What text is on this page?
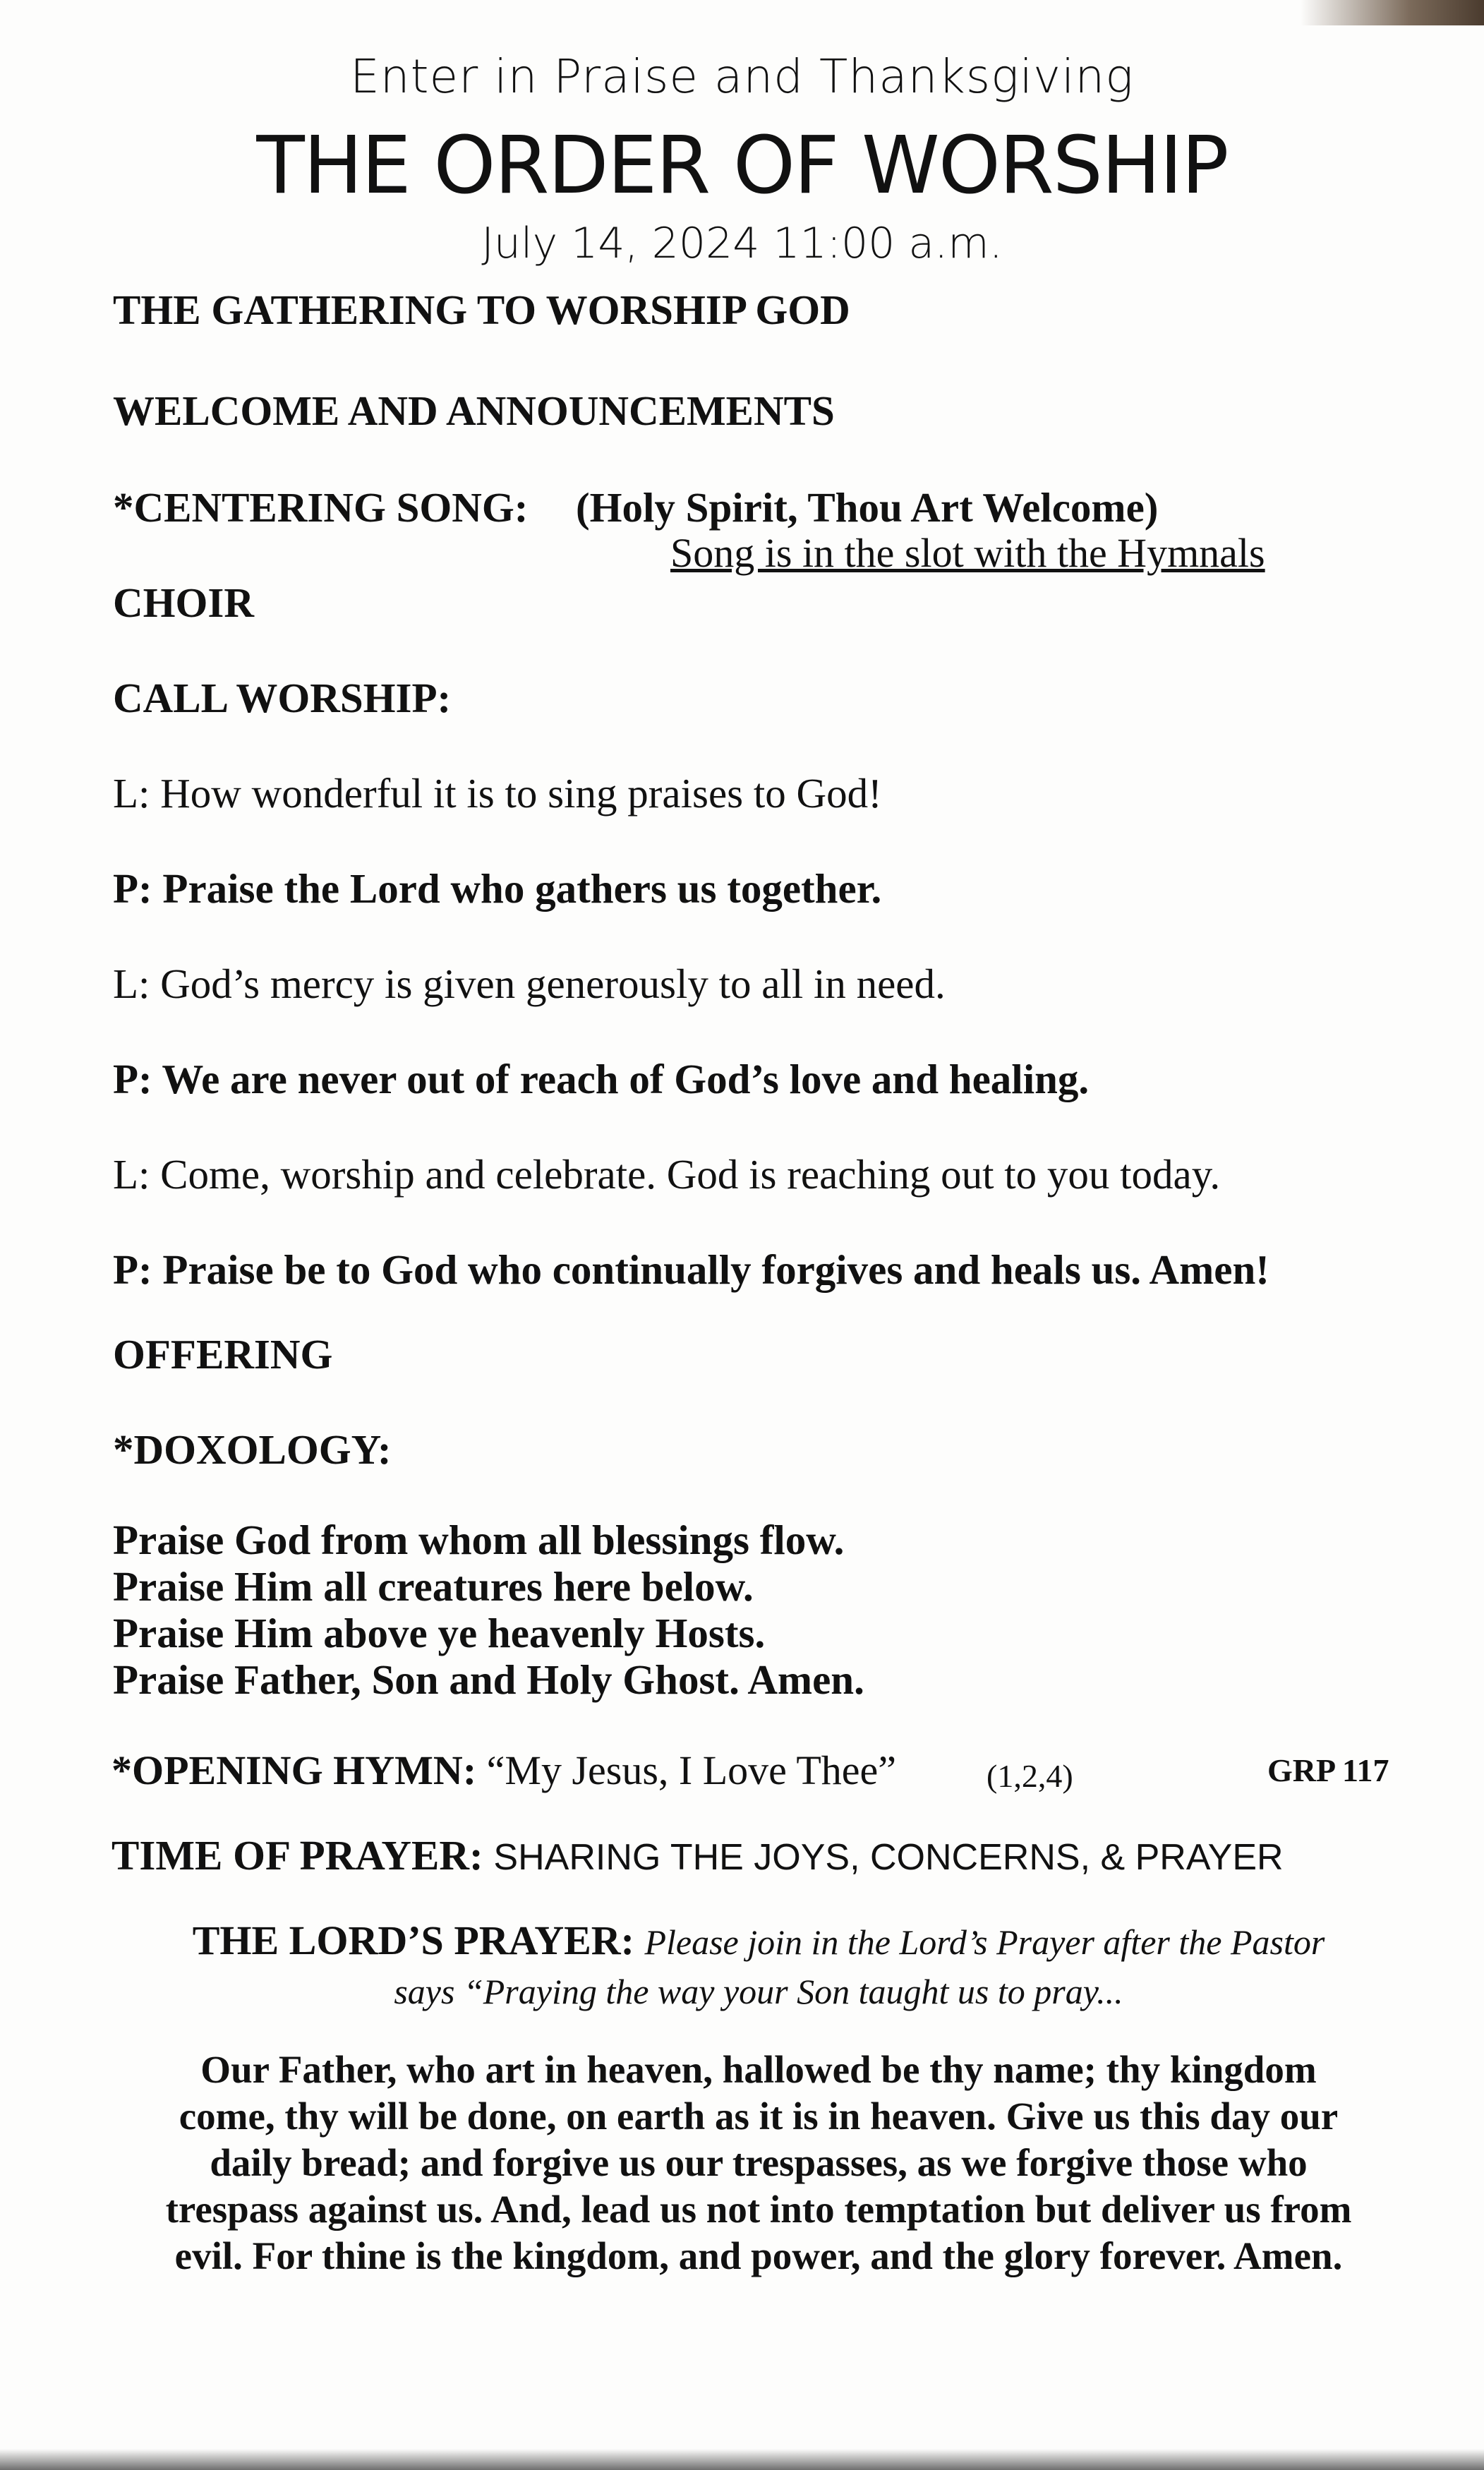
Enter in Praise and Thanksgiving
THE ORDER OF WORSHIP
July 14, 2024 11:00 a.m.
THE GATHERING TO WORSHIP GOD
WELCOME AND ANNOUNCEMENTS
*CENTERING SONG: (Holy Spirit, Thou Art Welcome)
Song is in the slot with the Hymnals
CHOIR
CALL WORSHIP:
L: How wonderful it is to sing praises to God!
P: Praise the Lord who gathers us together.
L: God’s mercy is given generously to all in need.
P: We are never out of reach of God’s love and healing.
L: Come, worship and celebrate. God is reaching out to you today.
P: Praise be to God who continually forgives and heals us. Amen!
OFFERING
*DOXOLOGY:
Praise God from whom all blessings flow.
Praise Him all creatures here below.
Praise Him above ye heavenly Hosts.
Praise Father, Son and Holy Ghost. Amen.
*OPENING HYMN: “My Jesus, I Love Thee”	(1,2,4)	GRP 117
TIME OF PRAYER: SHARING THE JOYS, CONCERNS, & PRAYER
THE LORD’S PRAYER: Please join in the Lord’s Prayer after the Pastor
says “Praying the way your Son taught us to pray...
Our Father, who art in heaven, hallowed be thy name; thy kingdom
come, thy will be done, on earth as it is in heaven. Give us this day our
daily bread; and forgive us our trespasses, as we forgive those who
trespass against us. And, lead us not into temptation but deliver us from
evil. For thine is the kingdom, and power, and the glory forever. Amen.
